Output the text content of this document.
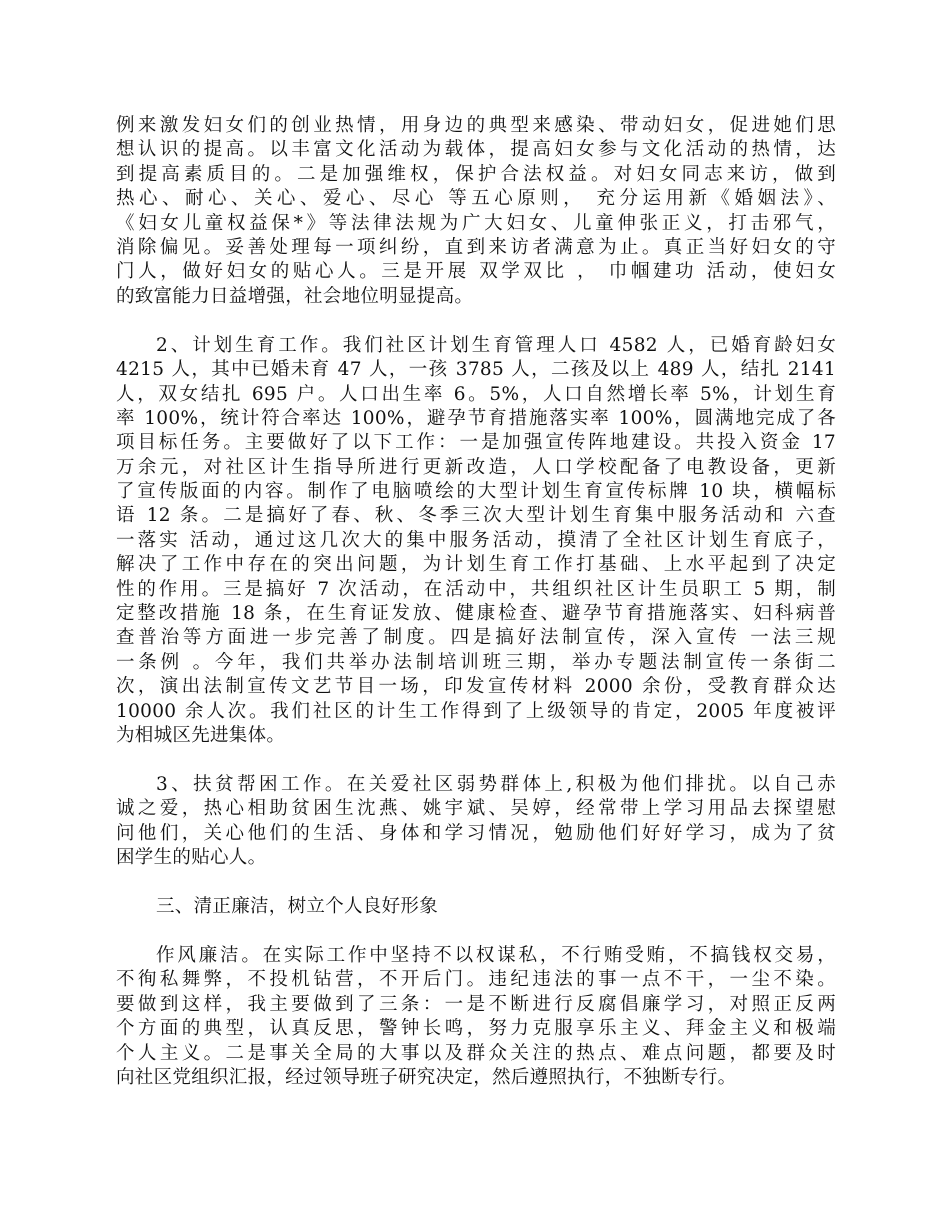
例来激发妇女们的创业热情，用身边的典型来感染、带动妇女，促进她们思
想认识的提高。以丰富文化活动为载体，提高妇女参与文化活动的热情，达
到提高素质目的。二是加强维权，保护合法权益。对妇女同志来访，做到
热心、耐心、关心、爱心、尽心 等五心原则， 充分运用新《婚姻法》、
《妇女儿童权益保*》等法律法规为广大妇女、儿童伸张正义，打击邪气，
消除偏见。妥善处理每一项纠纷，直到来访者满意为止。真正当好妇女的守
门人，做好妇女的贴心人。三是开展 双学双比 ， 巾帼建功 活动，使妇女
的致富能力日益增强，社会地位明显提高。
2、计划生育工作。我们社区计划生育管理人口 4582 人，已婚育龄妇女
4215 人，其中已婚未育 47 人，一孩 3785 人，二孩及以上 489 人，结扎 2141
人，双女结扎 695 户。人口出生率 6。5%，人口自然增长率 5%，计划生育
率 100%，统计符合率达 100%，避孕节育措施落实率 100%，圆满地完成了各
项目标任务。主要做好了以下工作：一是加强宣传阵地建设。共投入资金 17
万余元，对社区计生指导所进行更新改造，人口学校配备了电教设备，更新
了宣传版面的内容。制作了电脑喷绘的大型计划生育宣传标牌 10 块，横幅标
语 12 条。二是搞好了春、秋、冬季三次大型计划生育集中服务活动和 六查
一落实 活动，通过这几次大的集中服务活动，摸清了全社区计划生育底子，
解决了工作中存在的突出问题，为计划生育工作打基础、上水平起到了决定
性的作用。三是搞好 7 次活动，在活动中，共组织社区计生员职工 5 期，制
定整改措施 18 条，在生育证发放、健康检查、避孕节育措施落实、妇科病普
查普治等方面进一步完善了制度。四是搞好法制宣传，深入宣传 一法三规
一条例 。今年，我们共举办法制培训班三期，举办专题法制宣传一条街二
次，演出法制宣传文艺节目一场，印发宣传材料 2000 余份，受教育群众达
10000 余人次。我们社区的计生工作得到了上级领导的肯定，2005 年度被评
为相城区先进集体。
3、扶贫帮困工作。在关爱社区弱势群体上,积极为他们排扰。以自己赤
诚之爱，热心相助贫困生沈燕、姚宇斌、吴婷，经常带上学习用品去探望慰
问他们，关心他们的生活、身体和学习情况，勉励他们好好学习，成为了贫
困学生的贴心人。
三、清正廉洁，树立个人良好形象
作风廉洁。在实际工作中坚持不以权谋私，不行贿受贿，不搞钱权交易，
不徇私舞弊，不投机钻营，不开后门。违纪违法的事一点不干，一尘不染。
要做到这样，我主要做到了三条：一是不断进行反腐倡廉学习，对照正反两
个方面的典型，认真反思，警钟长鸣，努力克服享乐主义、拜金主义和极端
个人主义。二是事关全局的大事以及群众关注的热点、难点问题，都要及时
向社区党组织汇报，经过领导班子研究决定，然后遵照执行，不独断专行。
